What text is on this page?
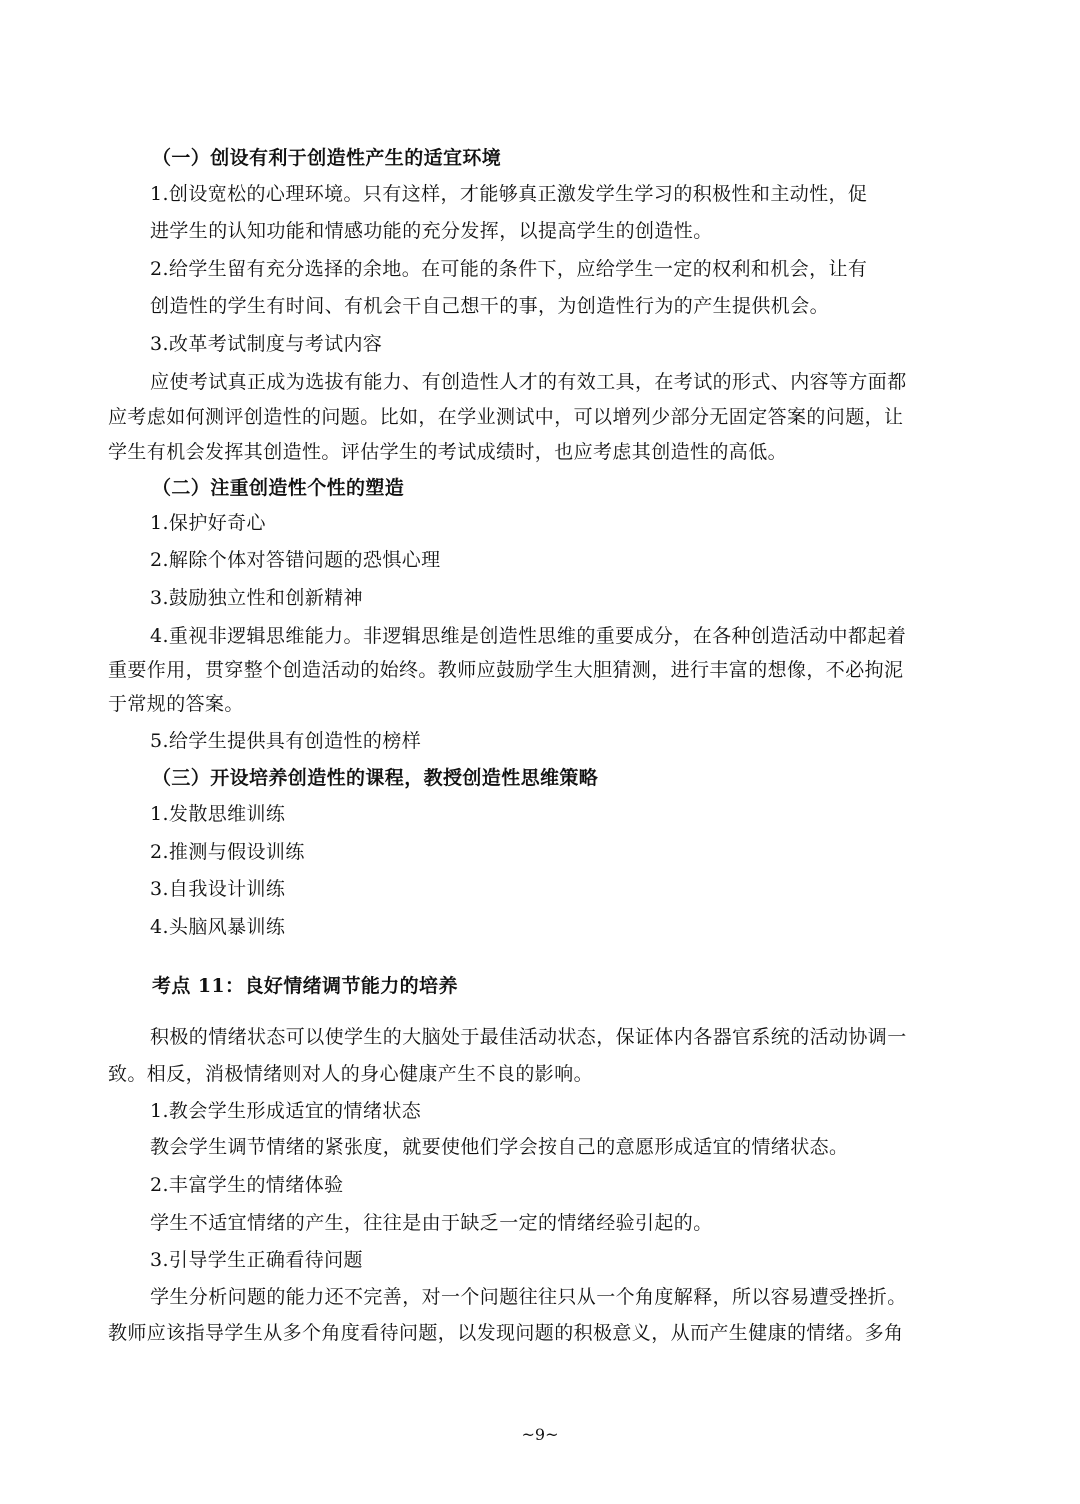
（一）创设有利于创造性产生的适宜环境
1.创设宽松的心理环境。只有这样，才能够真正激发学生学习的积极性和主动性，促
进学生的认知功能和情感功能的充分发挥，以提高学生的创造性。
2.给学生留有充分选择的余地。在可能的条件下，应给学生一定的权利和机会，让有
创造性的学生有时间、有机会干自己想干的事，为创造性行为的产生提供机会。
3.改革考试制度与考试内容
应使考试真正成为选拔有能力、有创造性人才的有效工具，在考试的形式、内容等方面都
应考虑如何测评创造性的问题。比如，在学业测试中，可以增列少部分无固定答案的问题，让
学生有机会发挥其创造性。评估学生的考试成绩时，也应考虑其创造性的高低。
（二）注重创造性个性的塑造
1.保护好奇心
2.解除个体对答错问题的恐惧心理
3.鼓励独立性和创新精神
4.重视非逻辑思维能力。非逻辑思维是创造性思维的重要成分，在各种创造活动中都起着
重要作用，贯穿整个创造活动的始终。教师应鼓励学生大胆猜测，进行丰富的想像，不必拘泥
于常规的答案。
5.给学生提供具有创造性的榜样
（三）开设培养创造性的课程，教授创造性思维策略
1.发散思维训练
2.推测与假设训练
3.自我设计训练
4.头脑风暴训练
考点 11：良好情绪调节能力的培养
积极的情绪状态可以使学生的大脑处于最佳活动状态，保证体内各器官系统的活动协调一
致。相反，消极情绪则对人的身心健康产生不良的影响。
1.教会学生形成适宜的情绪状态
教会学生调节情绪的紧张度，就要使他们学会按自己的意愿形成适宜的情绪状态。
2.丰富学生的情绪体验
学生不适宜情绪的产生，往往是由于缺乏一定的情绪经验引起的。
3.引导学生正确看待问题
学生分析问题的能力还不完善，对一个问题往往只从一个角度解释，所以容易遭受挫折。
教师应该指导学生从多个角度看待问题，以发现问题的积极意义，从而产生健康的情绪。多角
~9~
